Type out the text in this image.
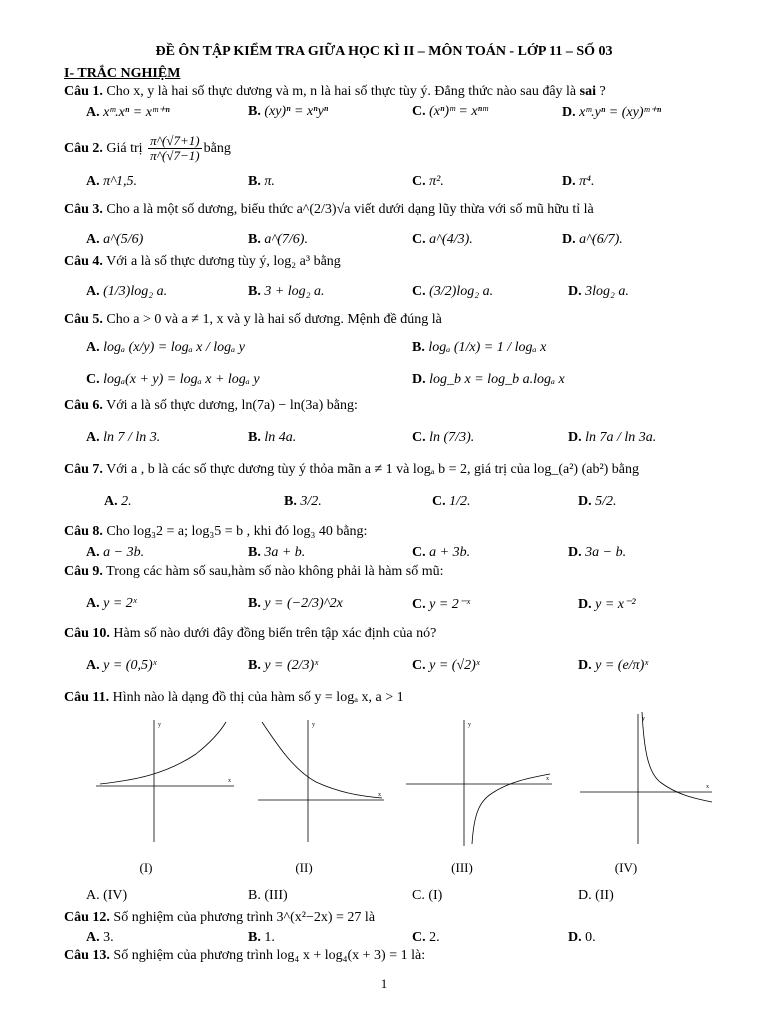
ĐỀ ÔN TẬP KIỂM TRA GIỮA HỌC KÌ II – MÔN TOÁN - LỚP 11 – SỐ 03
I- TRẮC NGHIỆM
Câu 1. Cho x, y là hai số thực dương và m, n là hai số thực tùy ý. Đẳng thức nào sau đây là sai ?
A. xᵐ.xⁿ = xᵐ⁺ⁿ	B. (xy)ⁿ = xⁿyⁿ	C. (xⁿ)ᵐ = xⁿᵐ	D. xᵐ.yⁿ = (xy)ᵐ⁺ⁿ
Câu 2. Giá trị $\frac{\pi\^{}(√7+1)}{\pi\^{}(√7-1)}$ bằng
A. π^1,5.	B. π.	C. π².	D. π⁴.
Câu 3. Cho a là một số dương, biểu thức a^(2/3)√a viết dưới dạng lũy thừa với số mũ hữu tỉ là
A. a^(5/6)	B. a^(7/6).	C. a^(4/3).	D. a^(6/7).
Câu 4. Với a là số thực dương tùy ý, log₂ a³ bằng
A. (1/3)log₂ a.	B. 3 + log₂ a.	C. (3/2)log₂ a.	D. 3log₂ a.
Câu 5. Cho a > 0 và a ≠ 1, x và y là hai số dương. Mệnh đề đúng là
A. logₐ (x/y) = logₐ x / logₐ y	B. logₐ (1/x) = 1 / logₐ x
C. logₐ(x + y) = logₐ x + logₐ y	D. log_b x = log_b a.logₐ x
Câu 6. Với a là số thực dương, ln(7a) − ln(3a) bằng:
A. ln 7 / ln 3.	B. ln 4a.	C. ln (7/3).	D. ln 7a / ln 3a.
Câu 7. Với a , b là các số thực dương tùy ý thỏa mãn a ≠ 1 và logₐ b = 2, giá trị của log_(a²) (ab²) bằng
A. 2.	B. 3/2.	C. 1/2.	D. 5/2.
Câu 8. Cho log₃2 = a; log₃5 = b , khi đó log₃ 40 bằng:
A. a − 3b.	B. 3a + b.	C. a + 3b.	D. 3a − b.
Câu 9. Trong các hàm số sau,hàm số nào không phải là hàm số mũ:
A. y = 2ˣ	B. y = (−2/3)^2x	C. y = 2⁻ˣ	D. y = x⁻²
Câu 10. Hàm số nào dưới đây đồng biến trên tập xác định của nó?
A. y = (0,5)ˣ	B. y = (2/3)ˣ	C. y = (√2)ˣ	D. y = (e/π)ˣ
Câu 11. Hình nào là dạng đồ thị của hàm số y = logₐ x, a > 1
x
y
x
y
x
y
x
y
(I)	(II)	(III)	(IV)
A. (IV)	B. (III)	C. (I)	D. (II)
Câu 12. Số nghiệm của phương trình 3^(x²−2x) = 27 là
A. 3.	B. 1.	C. 2.	D. 0.
Câu 13. Số nghiệm của phương trình log₄ x + log₄(x + 3) = 1 là:
1
